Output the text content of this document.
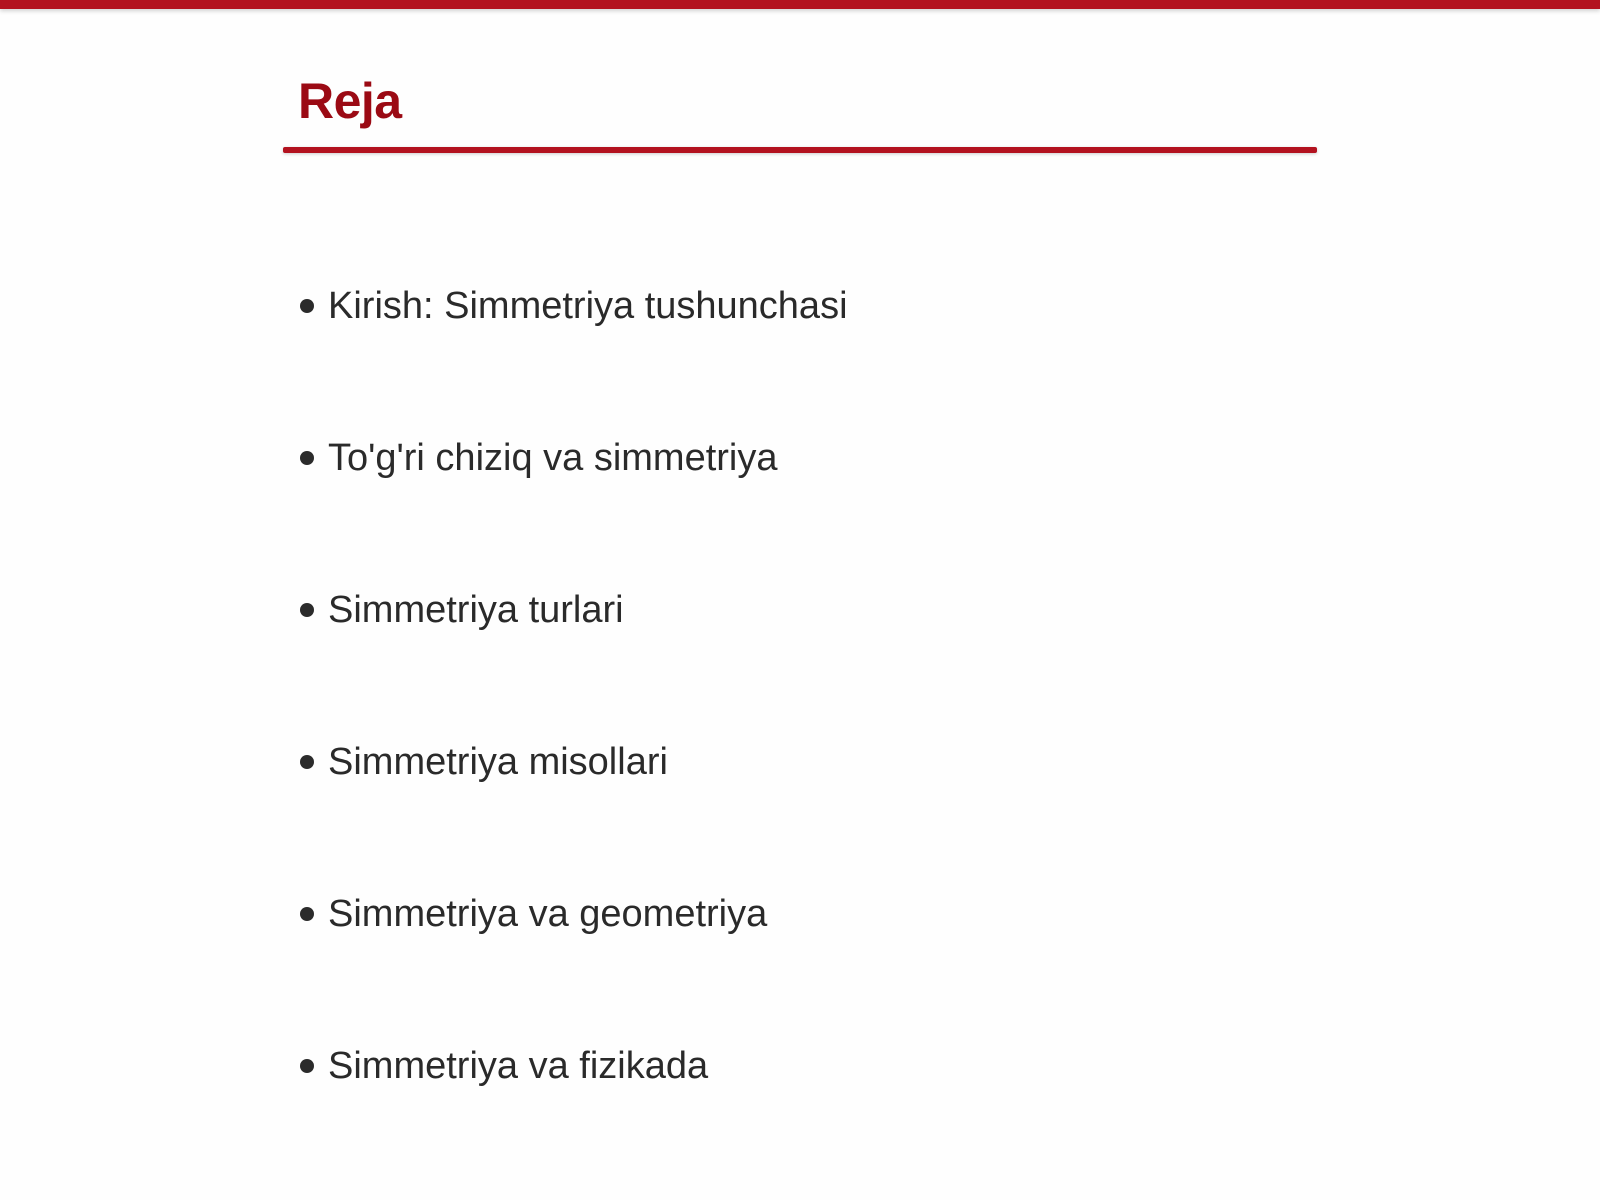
Reja
Kirish: Simmetriya tushunchasi
To'g'ri chiziq va simmetriya
Simmetriya turlari
Simmetriya misollari
Simmetriya va geometriya
Simmetriya va fizikada
